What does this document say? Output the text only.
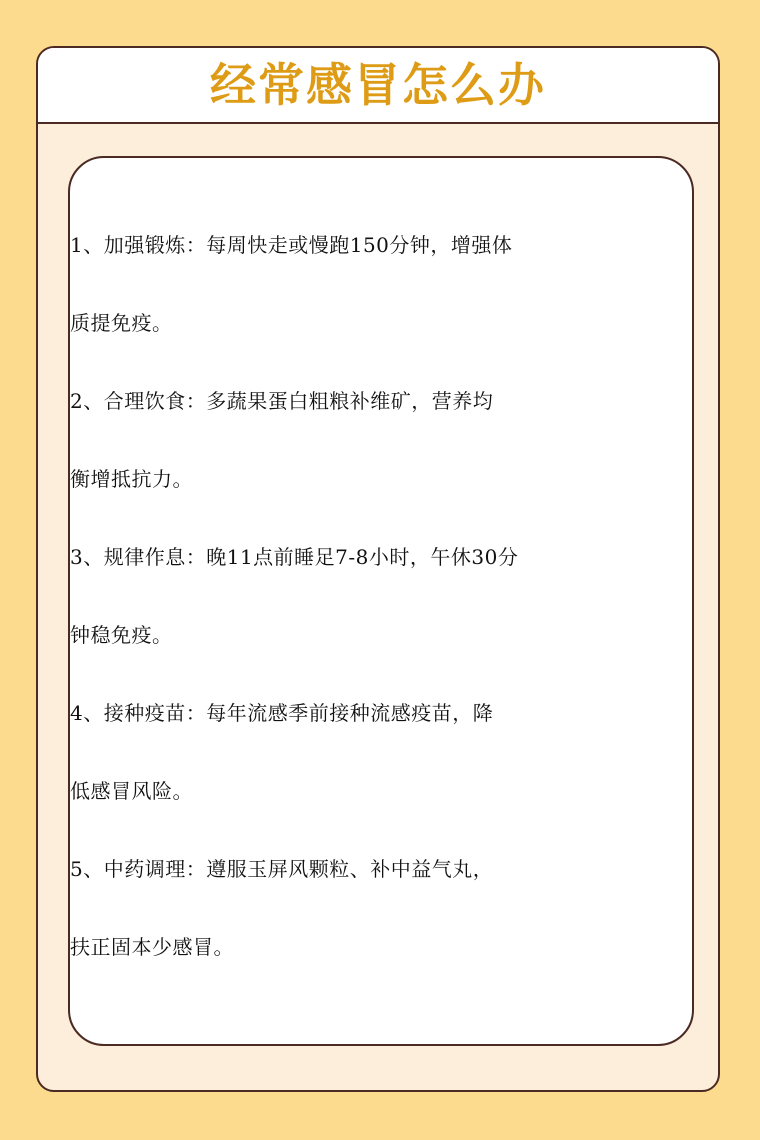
经常感冒怎么办
1、加强锻炼：每周快走或慢跑150分钟，增强体
质提免疫。
2、合理饮食：多蔬果蛋白粗粮补维矿，营养均
衡增抵抗力。
3、规律作息：晚11点前睡足7-8小时，午休30分
钟稳免疫。
4、接种疫苗：每年流感季前接种流感疫苗，降
低感冒风险。
5、中药调理：遵服玉屏风颗粒、补中益气丸，
扶正固本少感冒。
